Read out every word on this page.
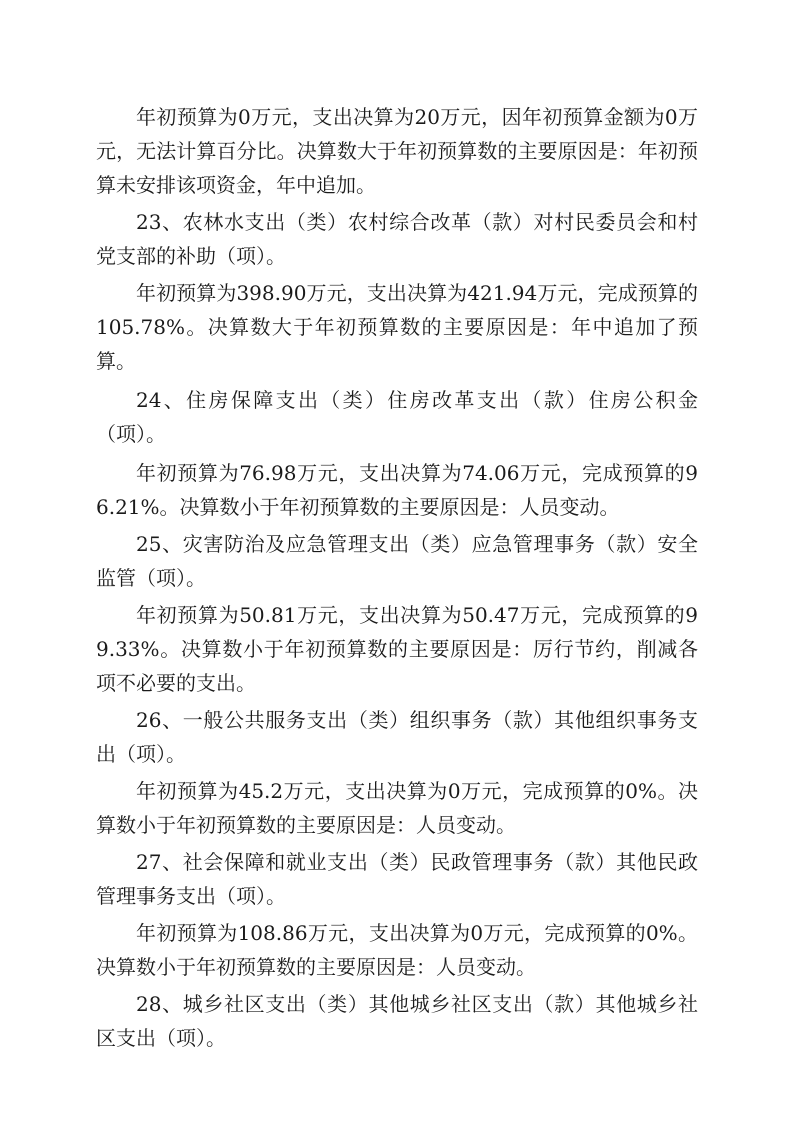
年初预算为0万元，支出决算为20万元，因年初预算金额为0万元，无法计算百分比。决算数大于年初预算数的主要原因是：年初预算未安排该项资金，年中追加。

23、农林水支出（类）农村综合改革（款）对村民委员会和村党支部的补助（项）。

年初预算为398.90万元，支出决算为421.94万元，完成预算的105.78%。决算数大于年初预算数的主要原因是：年中追加了预算。

24、住房保障支出（类）住房改革支出（款）住房公积金（项）。

年初预算为76.98万元，支出决算为74.06万元，完成预算的96.21%。决算数小于年初预算数的主要原因是：人员变动。

25、灾害防治及应急管理支出（类）应急管理事务（款）安全监管（项）。

年初预算为50.81万元，支出决算为50.47万元，完成预算的99.33%。决算数小于年初预算数的主要原因是：厉行节约，削减各项不必要的支出。

26、一般公共服务支出（类）组织事务（款）其他组织事务支出（项）。

年初预算为45.2万元，支出决算为0万元，完成预算的0%。决算数小于年初预算数的主要原因是：人员变动。

27、社会保障和就业支出（类）民政管理事务（款）其他民政管理事务支出（项）。

年初预算为108.86万元，支出决算为0万元，完成预算的0%。决算数小于年初预算数的主要原因是：人员变动。

28、城乡社区支出（类）其他城乡社区支出（款）其他城乡社区支出（项）。
